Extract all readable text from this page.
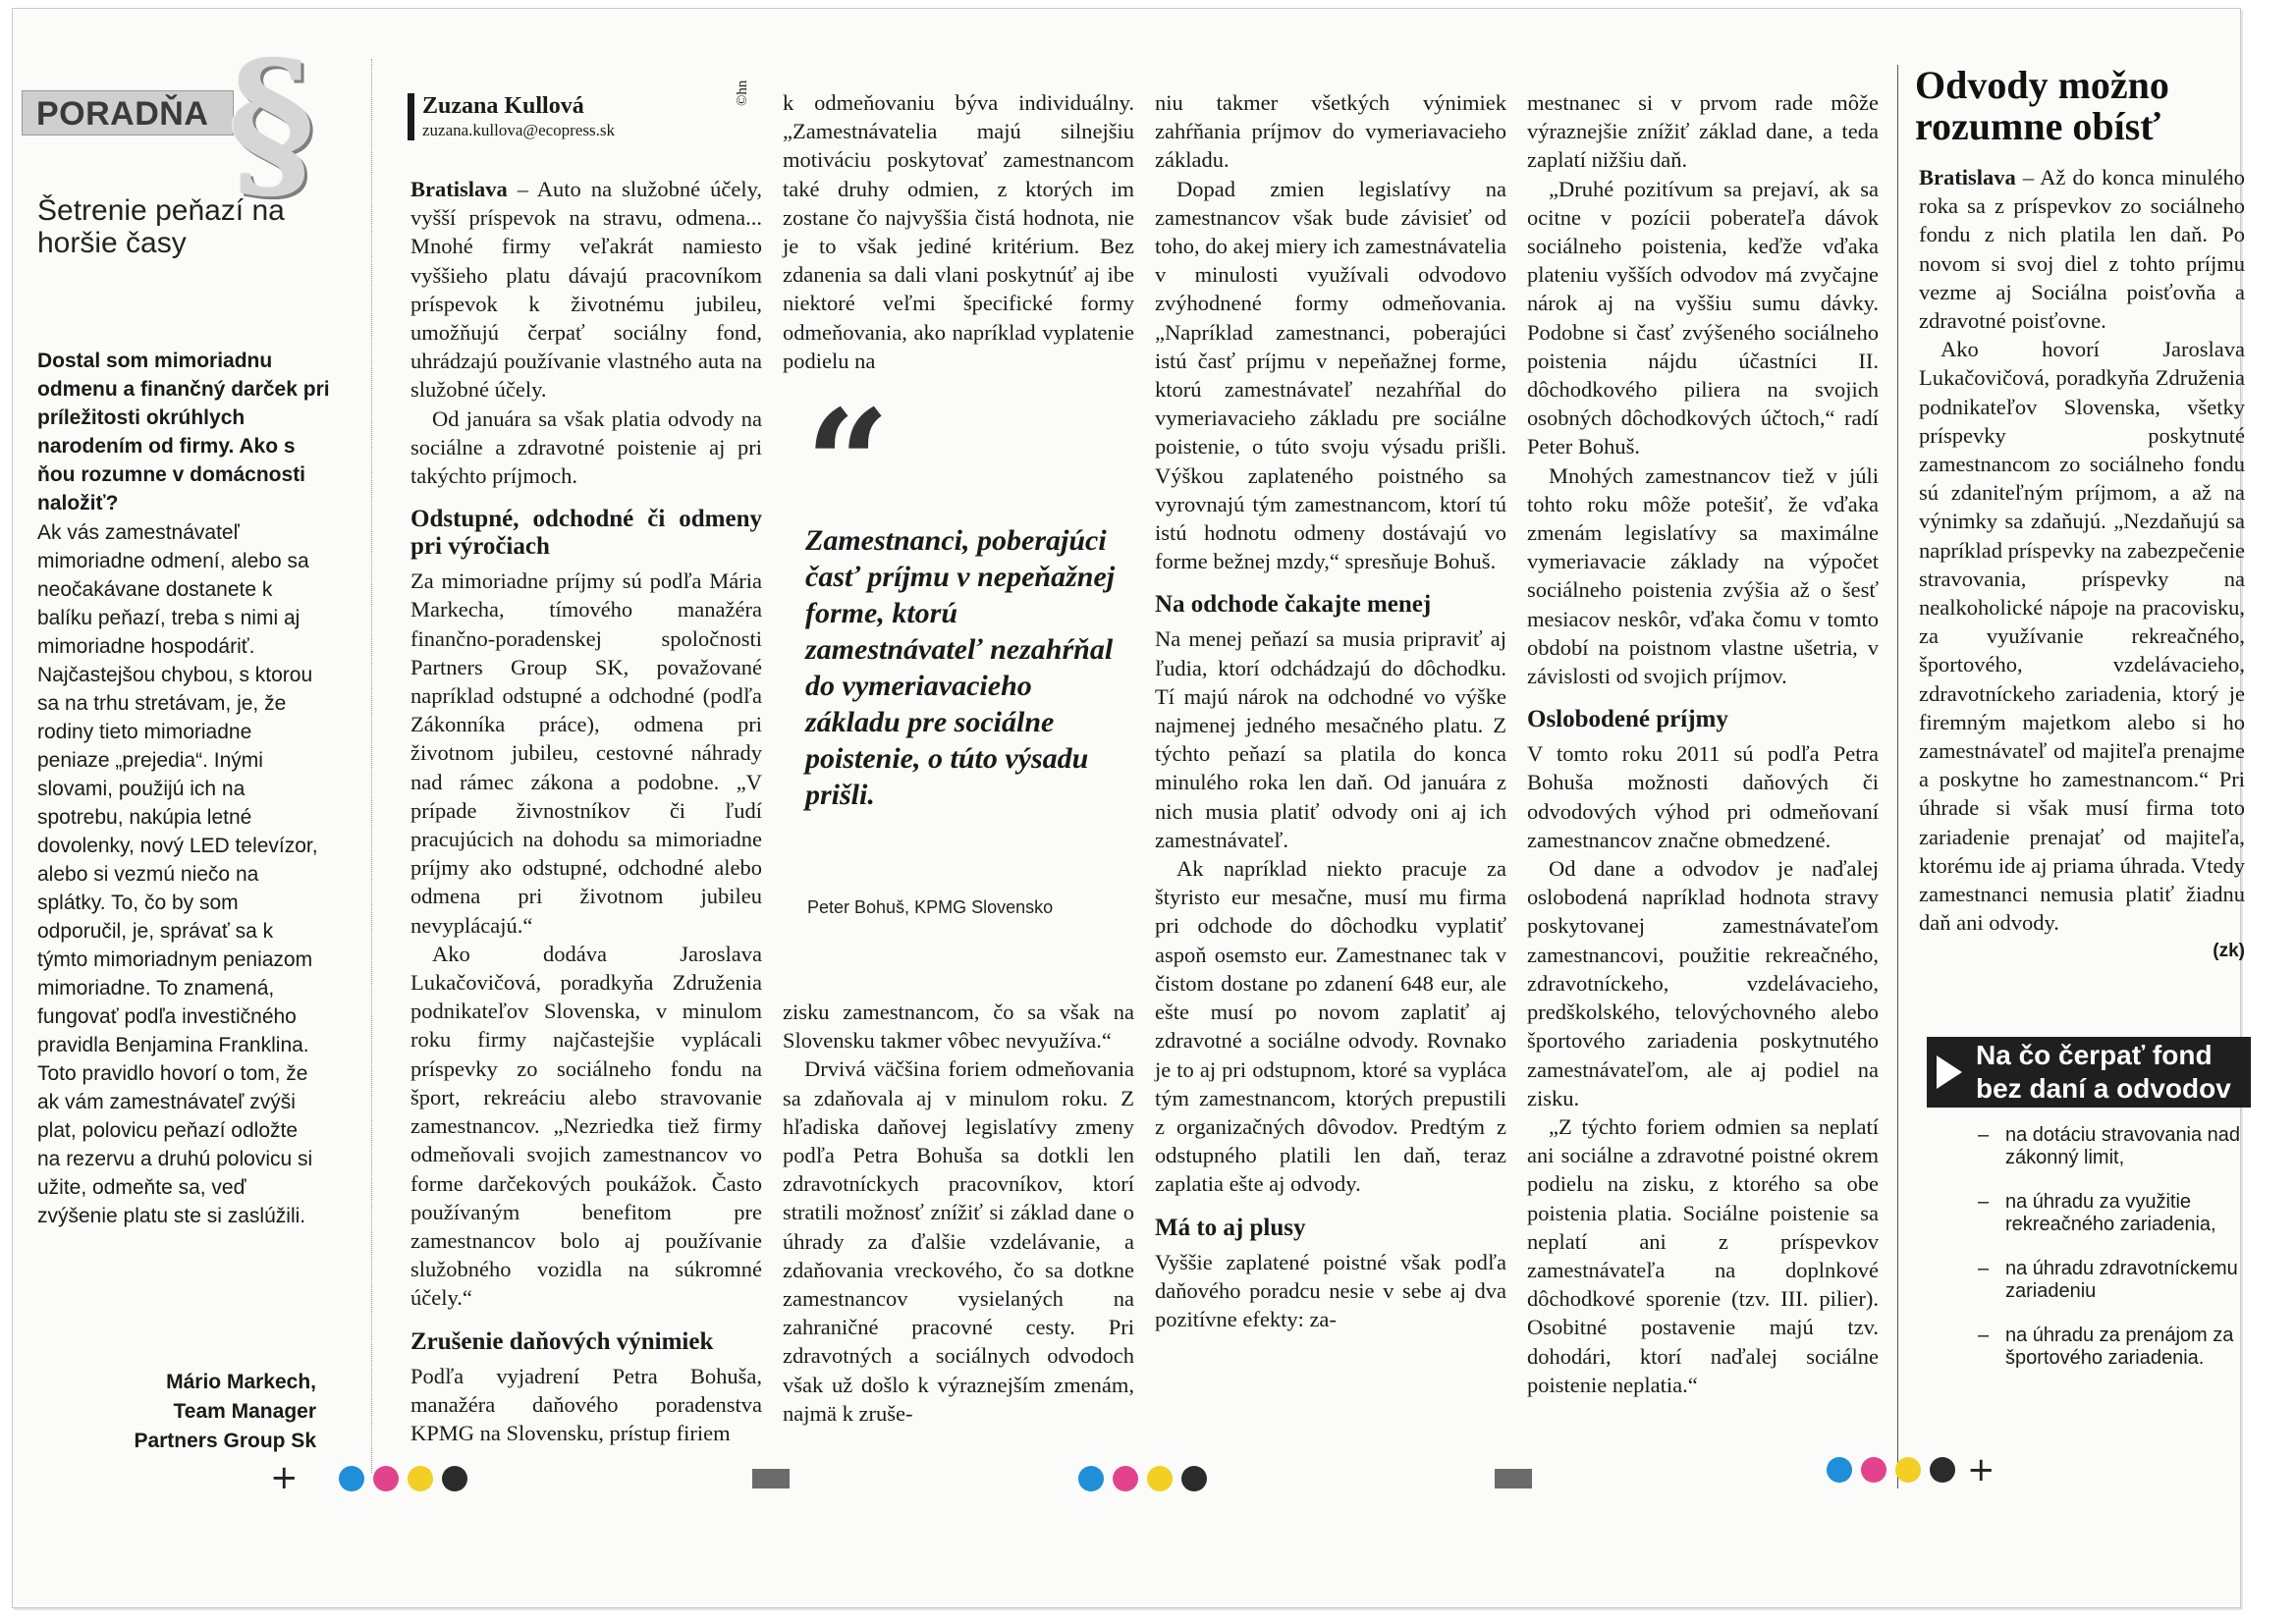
PORADŇA §
Šetrenie peňazí na horšie časy
Dostal som mimoriadnu odmenu a finančný darček pri príležitosti okrúhlych narodením od firmy. Ako s ňou rozumne v domácnosti naložiť?

Ak vás zamestnávateľ mimoriadne odmení, alebo sa neočakávane dostanete k balíku peňazí, treba s nimi aj mimoriadne hospodáriť.

Najčastejšou chybou, s ktorou sa na trhu stretávam, je, že rodiny tieto mimoriadne peniaze „prejedia“. Inými slovami, použijú ich na spotrebu, nakúpia letné dovolenky, nový LED televízor, alebo si vezmú niečo na splátky. To, čo by som odporučil, je, správať sa k týmto mimoriadnym peniazom mimoriadne. To znamená, fungovať podľa investičného pravidla Benjamina Franklina. Toto pravidlo hovorí o tom, že ak vám zamestnávateľ zvýši plat, polovicu peňazí odložte na rezervu a druhú polovicu si užite, odmeňte sa, veď zvýšenie platu ste si zaslúžili.

Mário Markech,
Team Manager
Partners Group Sk
Zuzana Kullová
zuzana.kullova@ecopress.sk
©hn

Bratislava – Auto na služobné účely, vyšší príspevok na stravu, odmena... Mnohé firmy veľakrát namiesto vyššieho platu dávajú pracovníkom príspevok k životnému jubileu, umožňujú čerpať sociálny fond, uhrádzajú používanie vlastného auta na služobné účely.

Od januára sa však platia odvody na sociálne a zdravotné poistenie aj pri takýchto príjmoch.

Odstupné, odchodné či odmeny pri výročiach

Za mimoriadne príjmy sú podľa Mária Markecha, tímového manažéra finančno-poradenskej spoločnosti Partners Group SK, považované napríklad odstupné a odchodné (podľa Zákonníka práce), odmena pri životnom jubileu, cestovné náhrady nad rámec zákona a podobne. „V prípade živnostníkov či ľudí pracujúcich na dohodu sa mimoriadne príjmy ako odstupné, odchodné alebo odmena pri životnom jubileu nevyplácajú.“

Ako dodáva Jaroslava Lukačovičová, poradkyňa Združenia podnikateľov Slovenska, v minulom roku firmy najčastejšie vyplácali príspevky zo sociálneho fondu na šport, rekreáciu alebo stravovanie zamestnancov. „Nezriedka tiež firmy odmeňovali svojich zamestnancov vo forme darčekových poukážok. Často používaným benefitom pre zamestnancov bolo aj používanie služobného vozidla na súkromné účely.“

Zrušenie daňových výnimiek

Podľa vyjadrení Petra Bohuša, manažéra daňového poradenstva KPMG na Slovensku, prístup firiem

k odmeňovaniu býva individuálny. „Zamestnávatelia majú silnejšiu motiváciu poskytovať zamestnancom také druhy odmien, z ktorých im zostane čo najvyššia čistá hodnota, nie je to však jediné kritérium. Bez zdanenia sa dali vlani poskytnúť aj ibe niektoré veľmi špecifické formy odmeňovania, ako napríklad vyplatenie podielu na

“
Zamestnanci, poberajúci časť príjmu v nepeňažnej forme, ktorú zamestnávateľ nezahŕňal do vymeriavacieho základu pre sociálne poistenie, o túto výsadu prišli.
Peter Bohuš, KPMG Slovensko

zisku zamestnancom, čo sa však na Slovensku takmer vôbec nevyužíva.“

Drvivá väčšina foriem odmeňovania sa zdaňovala aj v minulom roku. Z hľadiska daňovej legislatívy zmeny podľa Petra Bohuša sa dotkli len zdravotníckych pracovníkov, ktorí stratili možnosť znížiť si základ dane o úhrady za ďalšie vzdelávanie, a zdaňovania vreckového, čo sa dotkne zamestnancov vysielaných na zahraničné pracovné cesty. Pri zdravotných a sociálnych odvodoch však už došlo k výraznejším zmenám, najmä k zruše-

niu takmer všetkých výnimiek zahŕňania príjmov do vymeriavacieho základu.

Dopad zmien legislatívy na zamestnancov však bude závisieť od toho, do akej miery ich zamestnávatelia v minulosti využívali odvodovo zvýhodnené formy odmeňovania. „Napríklad zamestnanci, poberajúci istú časť príjmu v nepeňažnej forme, ktorú zamestnávateľ nezahŕňal do vymeriavacieho základu pre sociálne poistenie, o túto svoju výsadu prišli. Výškou zaplateného poistného sa vyrovnajú tým zamestnancom, ktorí tú istú hodnotu odmeny dostávajú vo forme bežnej mzdy,“ spresňuje Bohuš.

Na odchode čakajte menej

Na menej peňazí sa musia pripraviť aj ľudia, ktorí odchádzajú do dôchodku. Tí majú nárok na odchodné vo výške najmenej jedného mesačného platu. Z týchto peňazí sa platila do konca minulého roka len daň. Od januára z nich musia platiť odvody oni aj ich zamestnávateľ.

Ak napríklad niekto pracuje za štyristo eur mesačne, musí mu firma pri odchode do dôchodku vyplatiť aspoň osemsto eur. Zamestnanec tak v čistom dostane po zdanení 648 eur, ale ešte musí po novom zaplatiť aj zdravotné a sociálne odvody. Rovnako je to aj pri odstupnom, ktoré sa vypláca tým zamestnancom, ktorých prepustili z organizačných dôvodov. Predtým z odstupného platili len daň, teraz zaplatia ešte aj odvody.

Má to aj plusy

Vyššie zaplatené poistné však podľa daňového poradcu nesie v sebe aj dva pozitívne efekty: za-

mestnanec si v prvom rade môže výraznejšie znížiť základ dane, a teda zaplatí nižšiu daň.

„Druhé pozitívum sa prejaví, ak sa ocitne v pozícii poberateľa dávok sociálneho poistenia, keďže vďaka plateniu vyšších odvodov má zvyčajne nárok aj na vyššiu sumu dávky. Podobne si časť zvýšeného sociálneho poistenia nájdu účastníci II. dôchodkového piliera na svojich osobných dôchodkových účtoch,“ radí Peter Bohuš.

Mnohých zamestnancov tiež v júli tohto roku môže potešiť, že vďaka zmenám legislatívy sa maximálne vymeriavacie základy na výpočet sociálneho poistenia zvýšia až o šesť mesiacov neskôr, vďaka čomu v tomto období na poistnom vlastne ušetria, v závislosti od svojich príjmov.

Oslobodené príjmy

V tomto roku 2011 sú podľa Petra Bohuša možnosti daňových či odvodových výhod pri odmeňovaní zamestnancov značne obmedzené.

Od dane a odvodov je naďalej oslobodená napríklad hodnota stravy poskytovanej zamestnávateľom zamestnancovi, použitie rekreačného, zdravotníckeho, vzdelávacieho, predškolského, telovýchovného alebo športového zariadenia poskytnutého zamestnávateľom, ale aj podiel na zisku.

„Z týchto foriem odmien sa neplatí ani sociálne a zdravotné poistné okrem podielu na zisku, z ktorého sa obe poistenia platia. Sociálne poistenie sa neplatí ani z príspevkov zamestnávateľa na doplnkové dôchodkové sporenie (tzv. III. pilier). Osobitné postavenie majú tzv. dohodári, ktorí naďalej sociálne poistenie neplatia.“

Odvody možno rozumne obísť

Bratislava – Až do konca minulého roka sa z príspevkov zo sociálneho fondu z nich platila len daň. Po novom si svoj diel z tohto príjmu vezme aj Sociálna poisťovňa a zdravotné poisťovne.

Ako hovorí Jaroslava Lukačovičová, poradkyňa Združenia podnikateľov Slovenska, všetky príspevky poskytnuté zamestnancom zo sociálneho fondu sú zdaniteľným príjmom, a až na výnimky sa zdaňujú. „Nezdaňujú sa napríklad príspevky na zabezpečenie stravovania, príspevky na nealkoholické nápoje na pracovisku, za využívanie rekreačného, športového, vzdelávacieho, zdravotníckeho zariadenia, ktorý je firemným majetkom alebo si ho zamestnávateľ od majiteľa prenajme a poskytne ho zamestnancom.“ Pri úhrade si však musí firma toto zariadenie prenajať od majiteľa, ktorému ide aj priama úhrada. Vtedy zamestnanci nemusia platiť žiadnu daň ani odvody.

(zk)
Na čo čerpať fond bez daní a odvodov
– na dotáciu stravovania nad zákonný limit,
– na úhradu za využitie rekreačného zariadenia,
– na úhradu zdravotníckemu zariadeniu
– na úhradu za prenájom za športového zariadenia.
+	+
